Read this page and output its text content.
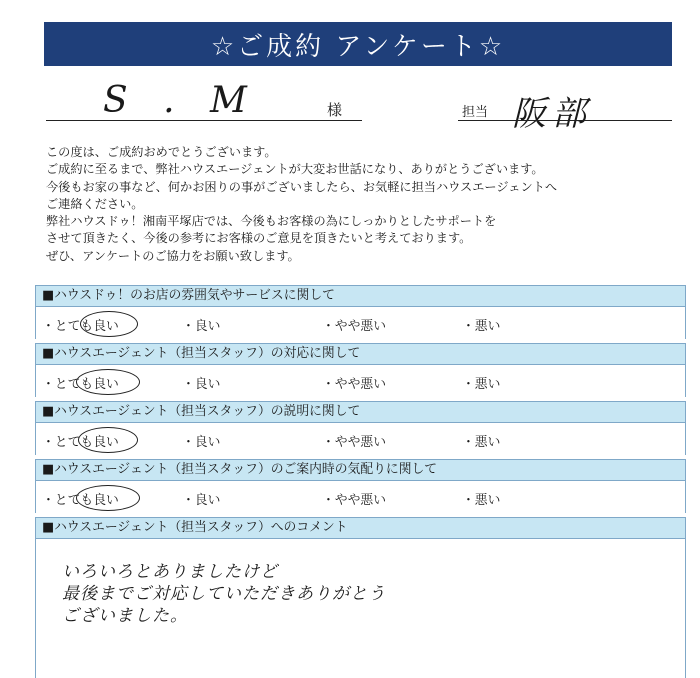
☆ご成約 アンケート☆
S . M	様	担当 阪部
この度は、ご成約おめでとうございます。
ご成約に至るまで、弊社ハウスエージェントが大変お世話になり、ありがとうございます。
今後もお家の事など、何かお困りの事がございましたら、お気軽に担当ハウスエージェントへ
ご連絡ください。
弊社ハウスドゥ！湘南平塚店では、今後もお客様の為にしっかりとしたサポートを
させて頂きたく、今後の参考にお客様のご意見を頂きたいと考えております。
ぜひ、アンケートのご協力をお願い致します。
■ハウスドゥ！のお店の雰囲気やサービスに関して
・とても良い	・良い	・やや悪い	・悪い
■ハウスエージェント（担当スタッフ）の対応に関して
・とても良い	・良い	・やや悪い	・悪い
■ハウスエージェント（担当スタッフ）の説明に関して
・とても良い	・良い	・やや悪い	・悪い
■ハウスエージェント（担当スタッフ）のご案内時の気配りに関して
・とても良い	・良い	・やや悪い	・悪い
■ハウスエージェント（担当スタッフ）へのコメント
いろいろとありましたけど
最後までご対応していただきありがとう
ございました。
